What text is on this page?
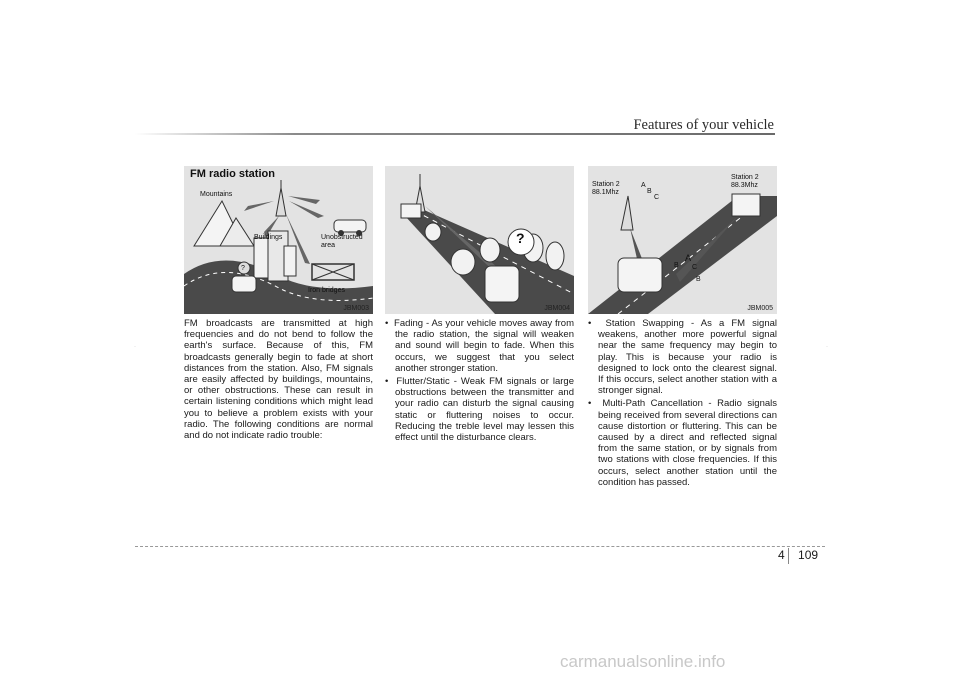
Features of your vehicle
FM radio station
Mountains
Buildings	Unobstructed
area
Iron bridges
?
JBM003
?
JBM004
Station 2
88.1Mhz
Station 2
88.3Mhz
A
B
C
A
B C
B
JBM005

FM broadcasts are transmitted at high frequencies and do not bend to follow the earth's surface. Because of this, FM broadcasts generally begin to fade at short distances from the station. Also, FM signals are easily affected by buildings, mountains, or other obstructions. These can result in certain listening conditions which might lead you to believe a problem exists with your radio. The following conditions are normal and do not indicate radio trouble:

•  Fading - As your vehicle moves away from the radio station, the signal will weaken and sound will begin to fade. When this occurs, we suggest that you select another stronger station.

•  Flutter/Static - Weak FM signals or large obstructions between the transmitter and your radio can disturb the signal causing static or fluttering noises to occur. Reducing the treble level may lessen this effect until the disturbance clears.

•  Station Swapping - As a FM signal weakens, another more powerful signal near the same frequency may begin to play. This is because your radio is designed to lock onto the clearest signal. If this occurs, select another station with a stronger signal.

•  Multi-Path Cancellation - Radio signals being received from several directions can cause distortion or fluttering. This can be caused by a direct and reflected signal from the same station, or by signals from two stations with close frequencies. If this occurs, select another station until the condition has passed.

·	·
4 109
carmanualsonline.info
